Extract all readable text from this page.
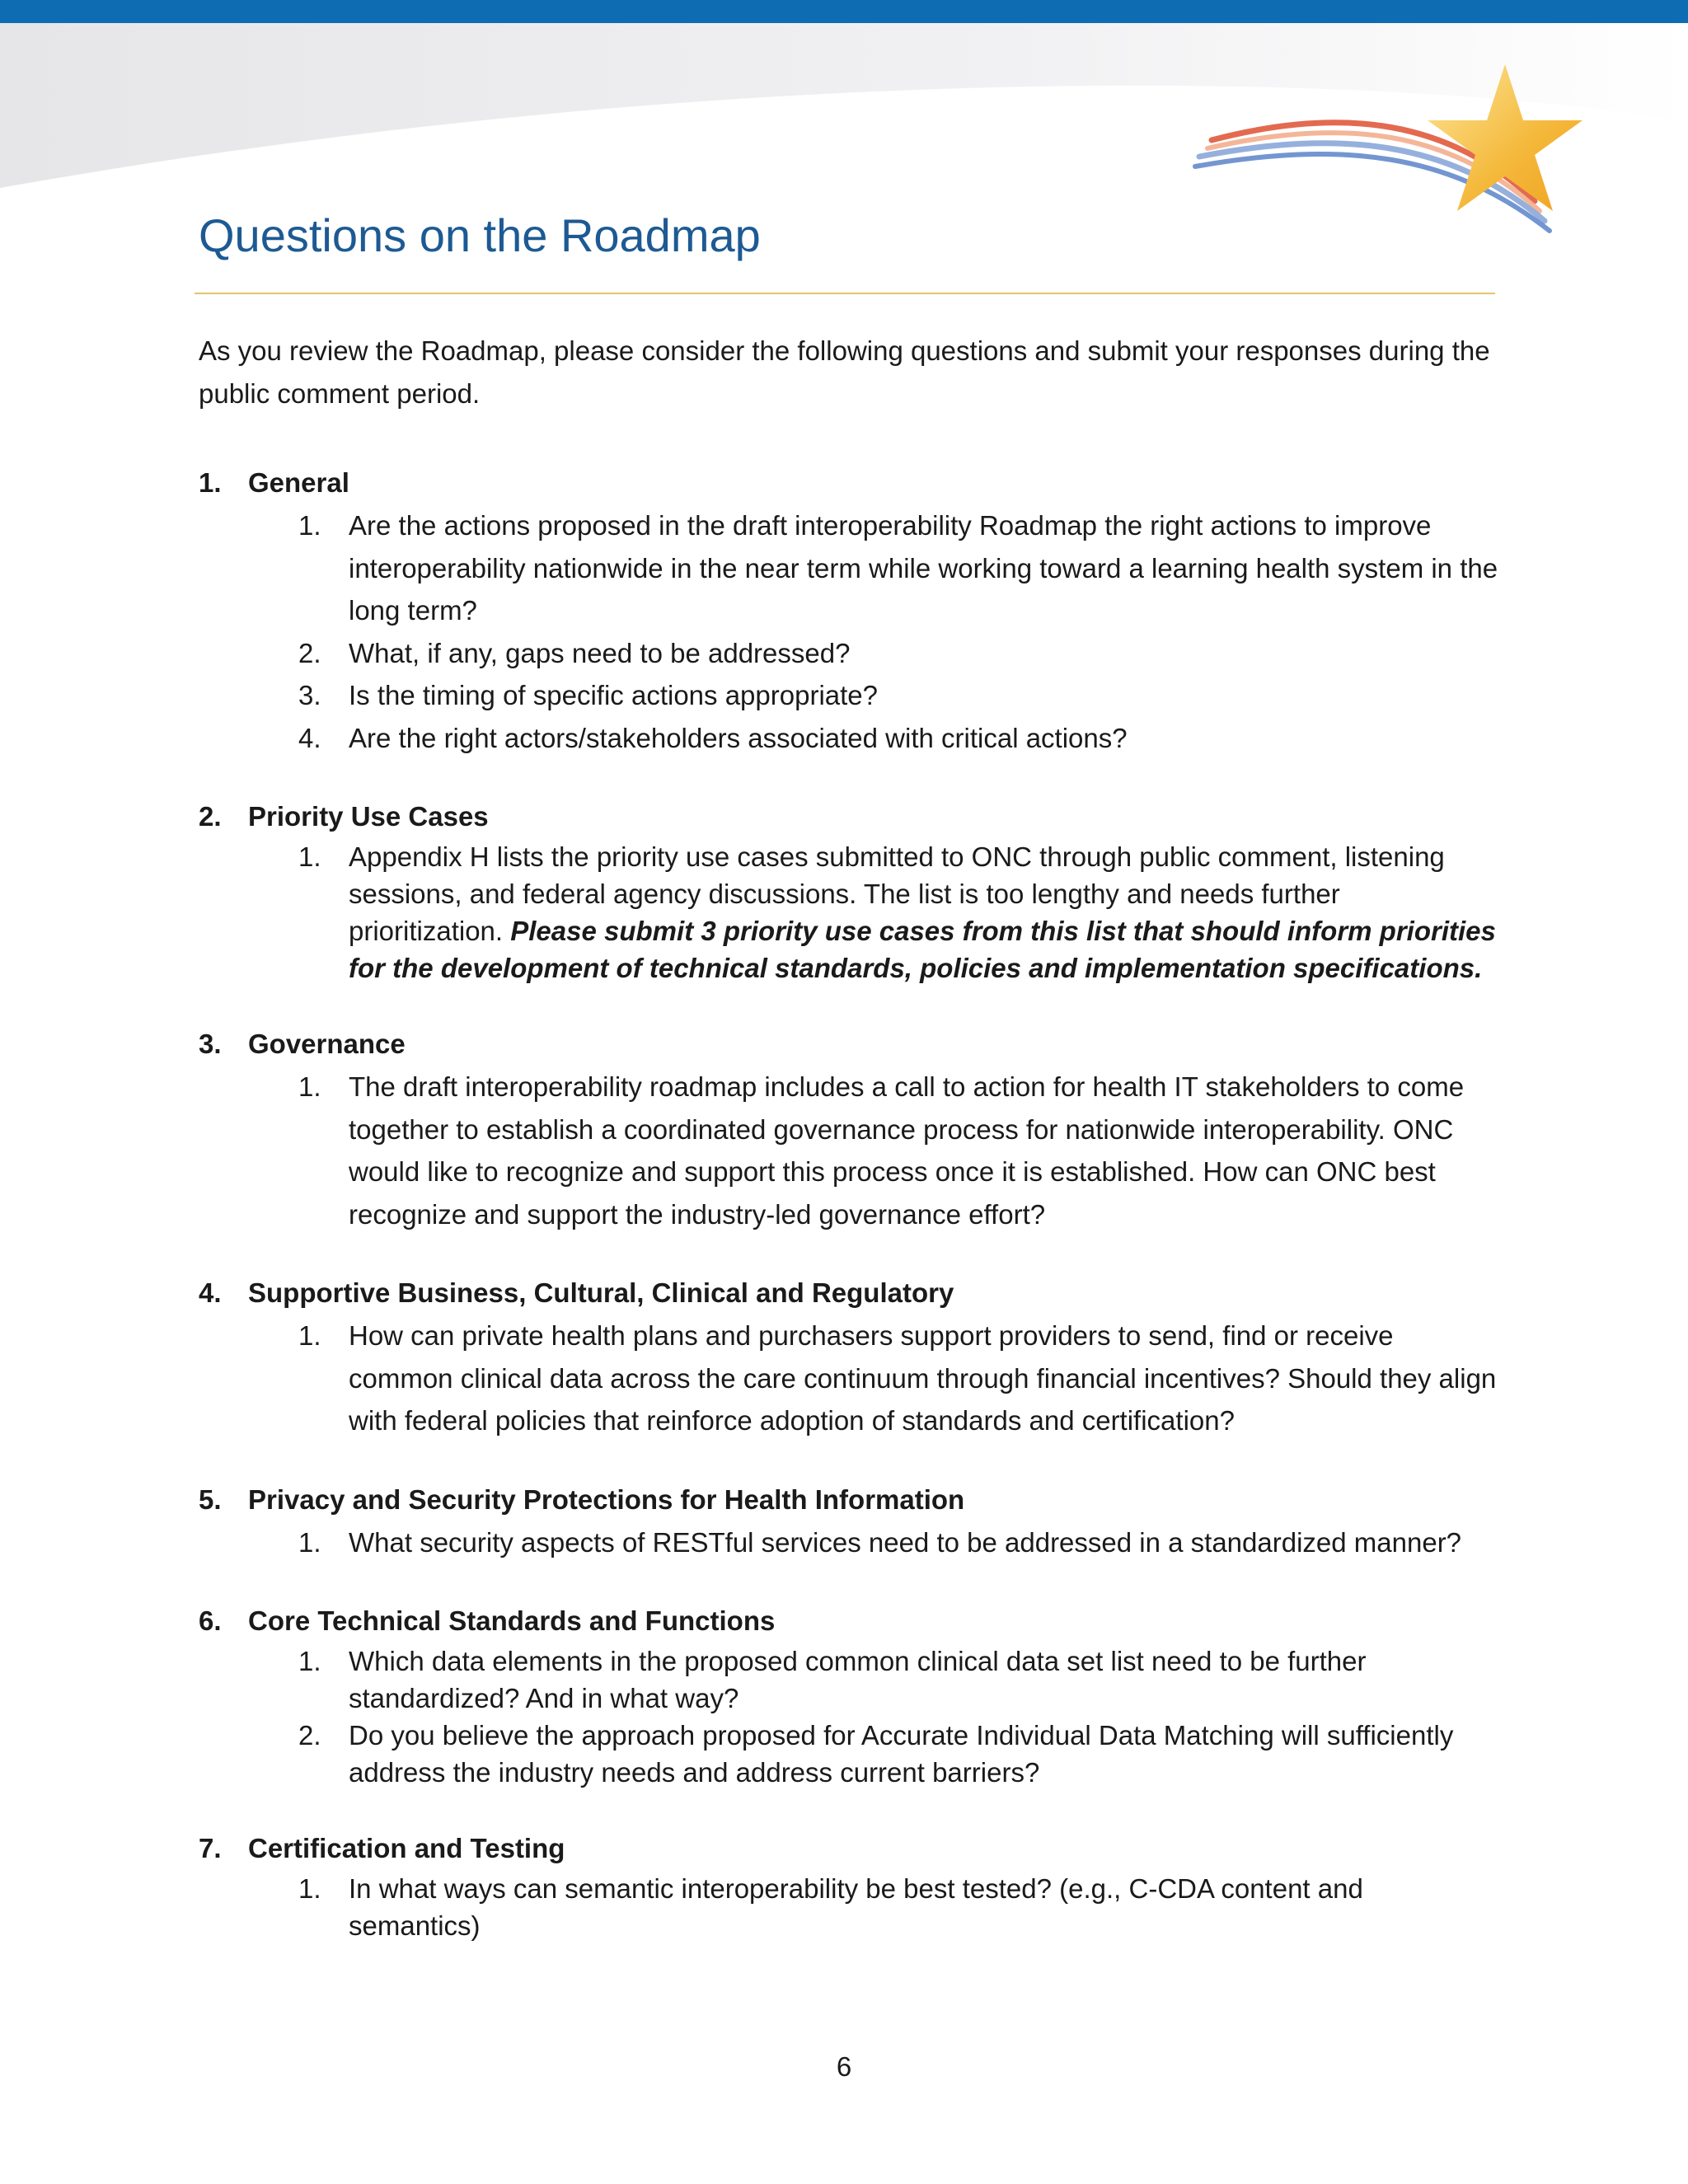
Questions on the Roadmap

As you review the Roadmap, please consider the following questions and submit your responses during the public comment period.

1. General
1.	Are the actions proposed in the draft interoperability Roadmap the right actions to improve interoperability nationwide in the near term while working toward a learning health system in the long term?
2.	What, if any, gaps need to be addressed?
3.	Is the timing of specific actions appropriate?
4.	Are the right actors/stakeholders associated with critical actions?
2. Priority Use Cases
1.	Appendix H lists the priority use cases submitted to ONC through public comment, listening sessions, and federal agency discussions. The list is too lengthy and needs further prioritization. Please submit 3 priority use cases from this list that should inform priorities for the development of technical standards, policies and implementation specifications.
3. Governance
1.	The draft interoperability roadmap includes a call to action for health IT stakeholders to come together to establish a coordinated governance process for nationwide interoperability. ONC would like to recognize and support this process once it is established. How can ONC best recognize and support the industry-led governance effort?
4. Supportive Business, Cultural, Clinical and Regulatory
1.	How can private health plans and purchasers support providers to send, find or receive common clinical data across the care continuum through financial incentives? Should they align with federal policies that reinforce adoption of standards and certification?
5. Privacy and Security Protections for Health Information
1.	What security aspects of RESTful services need to be addressed in a standardized manner?
6. Core Technical Standards and Functions
1.	Which data elements in the proposed common clinical data set list need to be further standardized? And in what way?
2.	Do you believe the approach proposed for Accurate Individual Data Matching will sufficiently address the industry needs and address current barriers?
7. Certification and Testing
1.	In what ways can semantic interoperability be best tested? (e.g., C-CDA content and semantics)
6
